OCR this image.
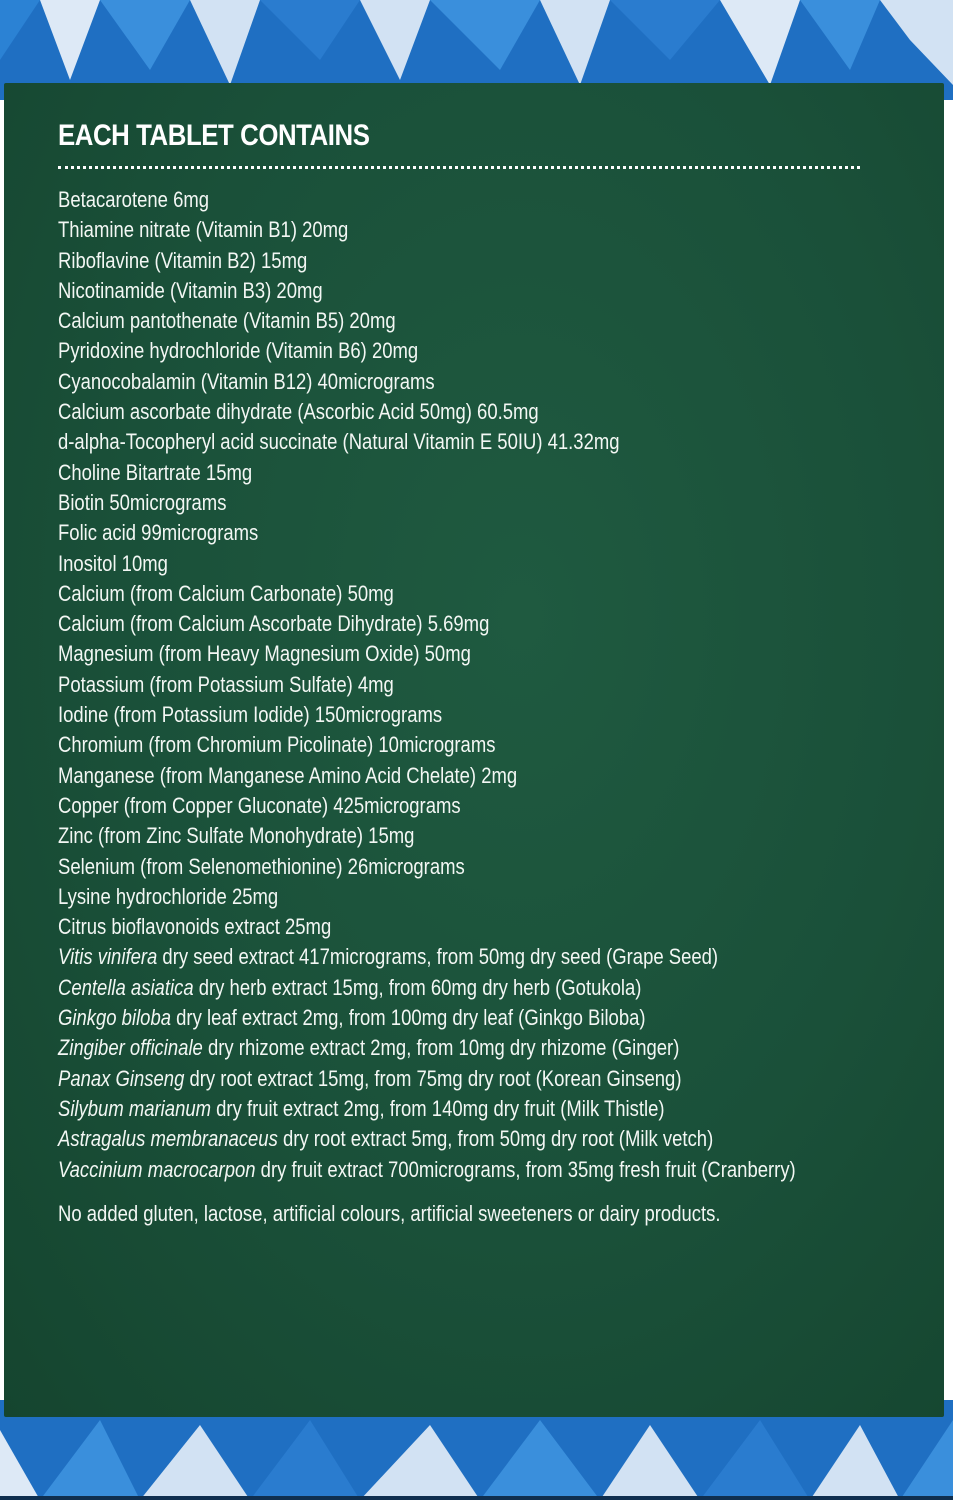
EACH TABLET CONTAINS
Betacarotene 6mg
Thiamine nitrate (Vitamin B1) 20mg
Riboflavine (Vitamin B2) 15mg
Nicotinamide (Vitamin B3) 20mg
Calcium pantothenate (Vitamin B5) 20mg
Pyridoxine hydrochloride (Vitamin B6) 20mg
Cyanocobalamin (Vitamin B12) 40micrograms
Calcium ascorbate dihydrate (Ascorbic Acid 50mg) 60.5mg
d-alpha-Tocopheryl acid succinate (Natural Vitamin E 50IU) 41.32mg
Choline Bitartrate 15mg
Biotin 50micrograms
Folic acid 99micrograms
Inositol 10mg
Calcium (from Calcium Carbonate) 50mg
Calcium (from Calcium Ascorbate Dihydrate) 5.69mg
Magnesium (from Heavy Magnesium Oxide) 50mg
Potassium (from Potassium Sulfate) 4mg
Iodine (from Potassium Iodide) 150micrograms
Chromium (from Chromium Picolinate) 10micrograms
Manganese (from Manganese Amino Acid Chelate) 2mg
Copper (from Copper Gluconate) 425micrograms
Zinc (from Zinc Sulfate Monohydrate) 15mg
Selenium (from Selenomethionine) 26micrograms
Lysine hydrochloride 25mg
Citrus bioflavonoids extract 25mg
Vitis vinifera dry seed extract 417micrograms, from 50mg dry seed (Grape Seed)
Centella asiatica dry herb extract 15mg, from 60mg dry herb (Gotukola)
Ginkgo biloba dry leaf extract 2mg, from 100mg dry leaf (Ginkgo Biloba)
Zingiber officinale dry rhizome extract 2mg, from 10mg dry rhizome (Ginger)
Panax Ginseng dry root extract 15mg, from 75mg dry root (Korean Ginseng)
Silybum marianum dry fruit extract 2mg, from 140mg dry fruit (Milk Thistle)
Astragalus membranaceus dry root extract 5mg, from 50mg dry root (Milk vetch)
Vaccinium macrocarpon dry fruit extract 700micrograms, from 35mg fresh fruit (Cranberry)
No added gluten, lactose, artificial colours, artificial sweeteners or dairy products.
